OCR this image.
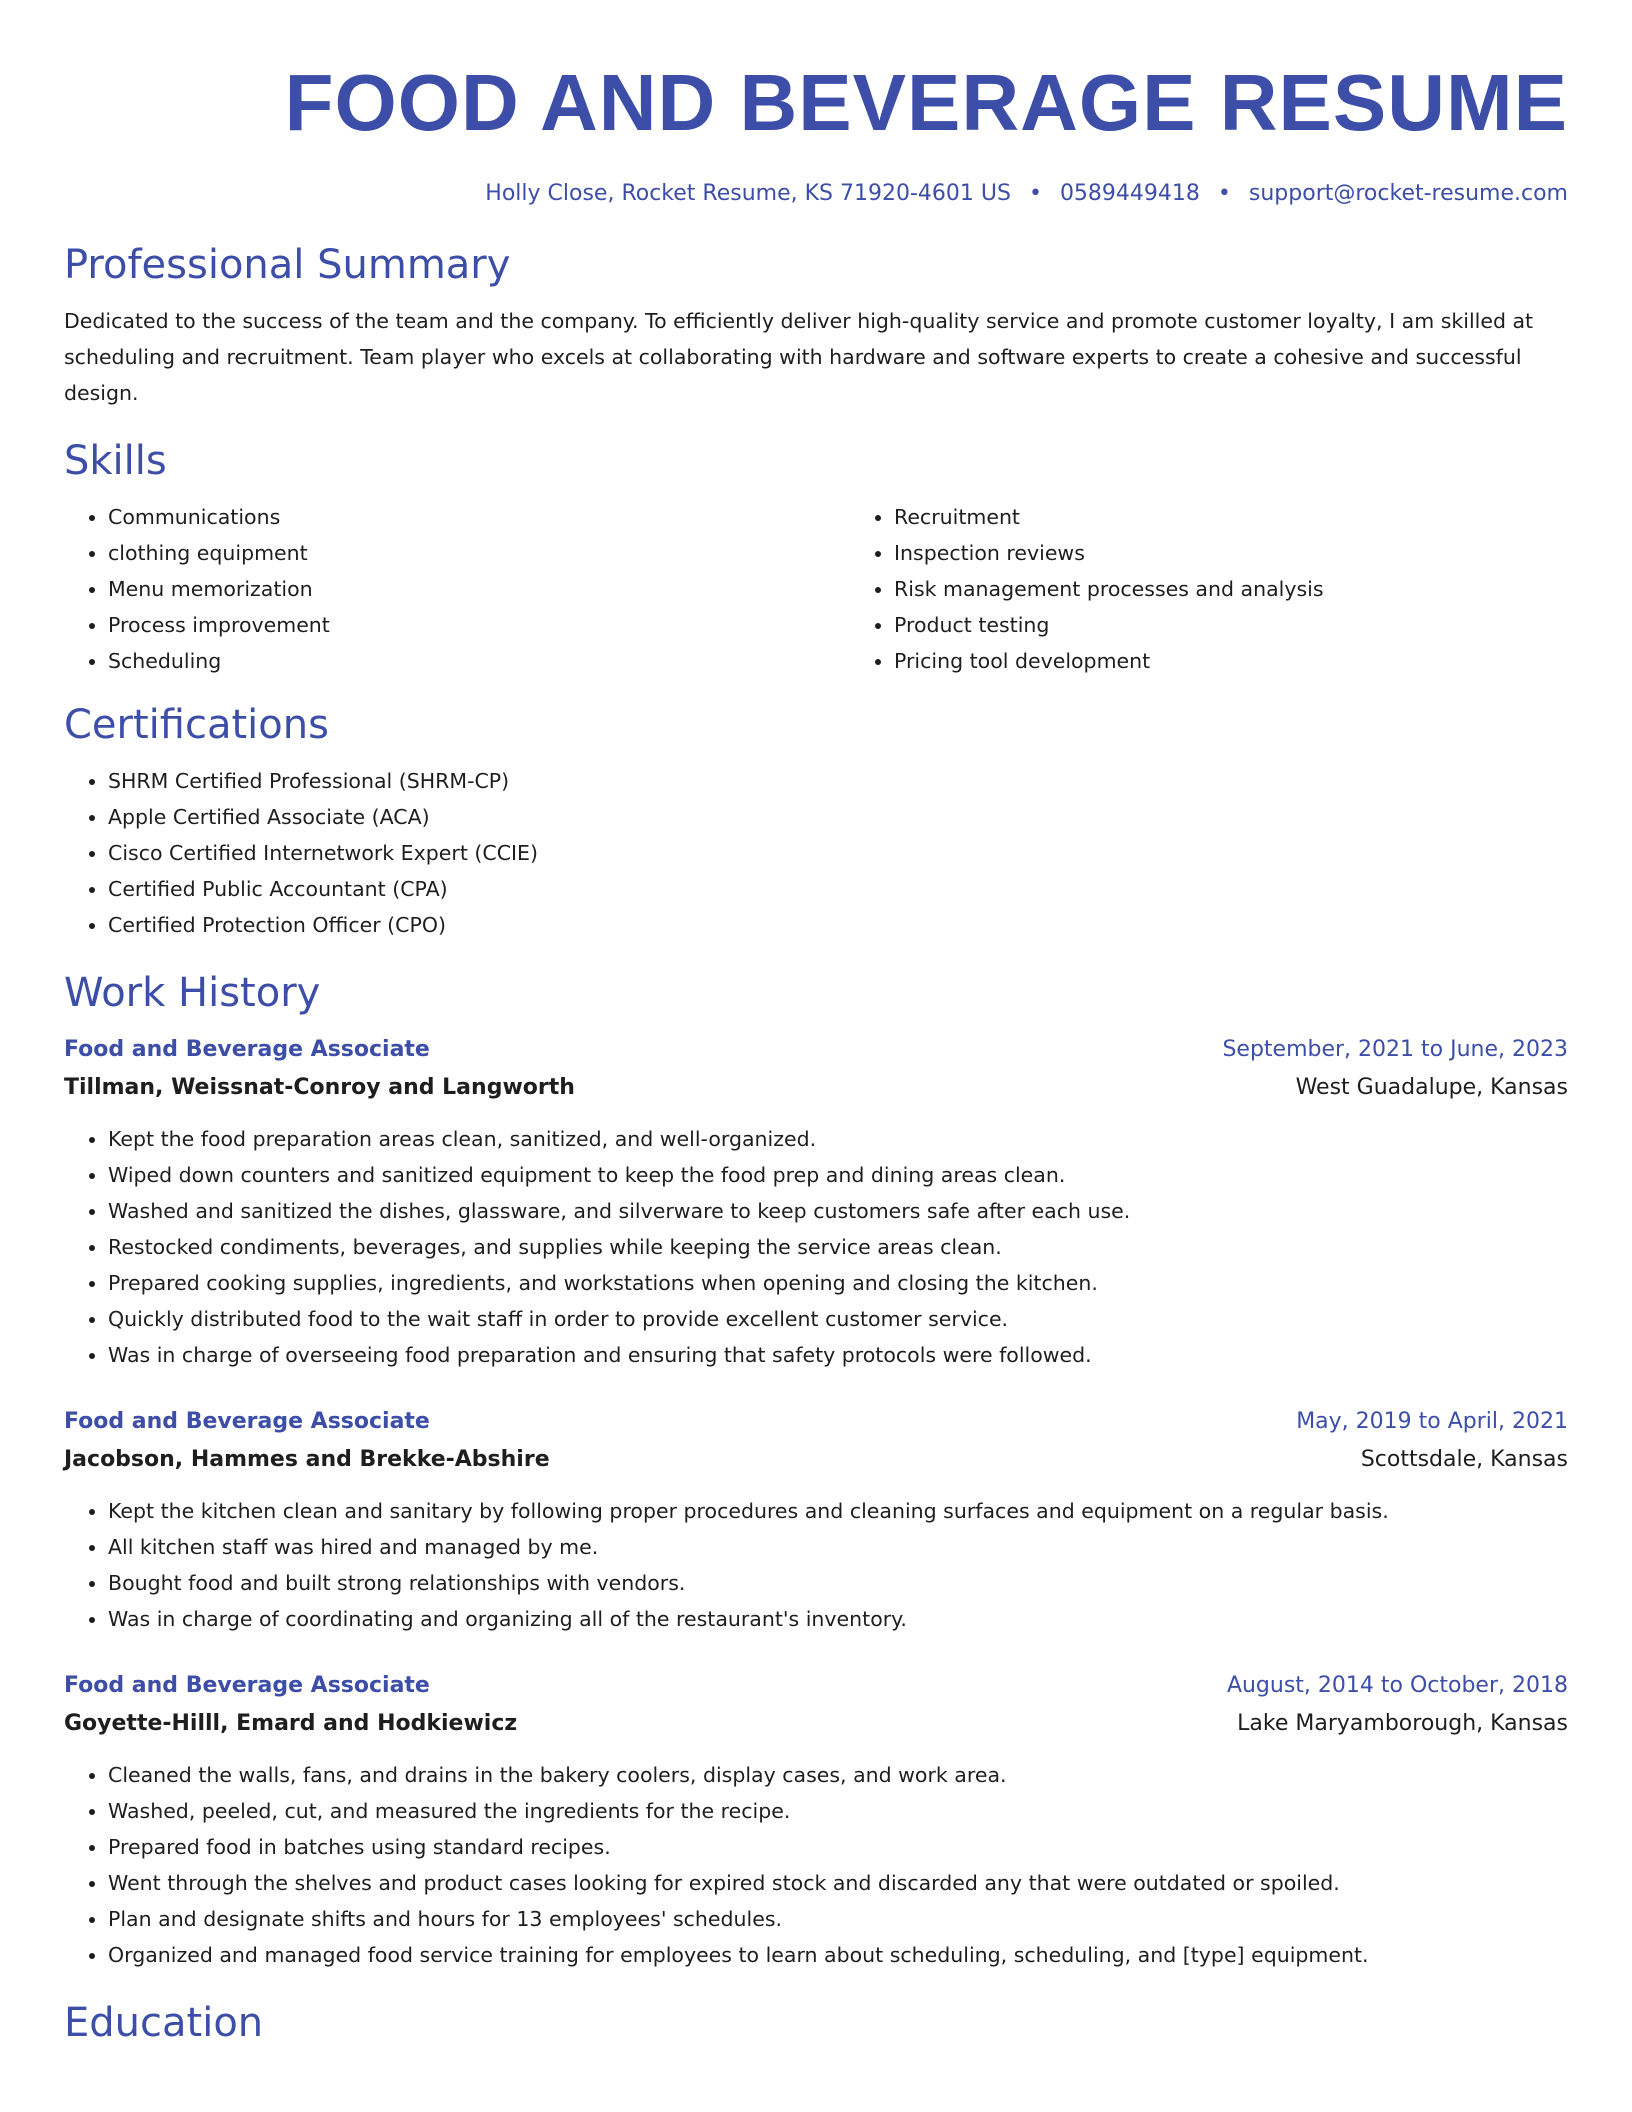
FOOD AND BEVERAGE RESUME
Holly Close, Rocket Resume, KS 71920-4601 US • 0589449418 • support@rocket-resume.com
Professional Summary
Dedicated to the success of the team and the company. To efficiently deliver high-quality service and promote customer loyalty, I am skilled at scheduling and recruitment. Team player who excels at collaborating with hardware and software experts to create a cohesive and successful design.
Skills
• Communications
• clothing equipment
• Menu memorization
• Process improvement
• Scheduling
• Recruitment
• Inspection reviews
• Risk management processes and analysis
• Product testing
• Pricing tool development
Certifications
• SHRM Certified Professional (SHRM-CP)
• Apple Certified Associate (ACA)
• Cisco Certified Internetwork Expert (CCIE)
• Certified Public Accountant (CPA)
• Certified Protection Officer (CPO)
Work History
Food and Beverage Associate	September, 2021 to June, 2023
Tillman, Weissnat-Conroy and Langworth	West Guadalupe, Kansas
• Kept the food preparation areas clean, sanitized, and well-organized.
• Wiped down counters and sanitized equipment to keep the food prep and dining areas clean.
• Washed and sanitized the dishes, glassware, and silverware to keep customers safe after each use.
• Restocked condiments, beverages, and supplies while keeping the service areas clean.
• Prepared cooking supplies, ingredients, and workstations when opening and closing the kitchen.
• Quickly distributed food to the wait staff in order to provide excellent customer service.
• Was in charge of overseeing food preparation and ensuring that safety protocols were followed.
Food and Beverage Associate	May, 2019 to April, 2021
Jacobson, Hammes and Brekke-Abshire	Scottsdale, Kansas
• Kept the kitchen clean and sanitary by following proper procedures and cleaning surfaces and equipment on a regular basis.
• All kitchen staff was hired and managed by me.
• Bought food and built strong relationships with vendors.
• Was in charge of coordinating and organizing all of the restaurant's inventory.
Food and Beverage Associate	August, 2014 to October, 2018
Goyette-Hilll, Emard and Hodkiewicz	Lake Maryamborough, Kansas
• Cleaned the walls, fans, and drains in the bakery coolers, display cases, and work area.
• Washed, peeled, cut, and measured the ingredients for the recipe.
• Prepared food in batches using standard recipes.
• Went through the shelves and product cases looking for expired stock and discarded any that were outdated or spoiled.
• Plan and designate shifts and hours for 13 employees' schedules.
• Organized and managed food service training for employees to learn about scheduling, scheduling, and [type] equipment.
Education
